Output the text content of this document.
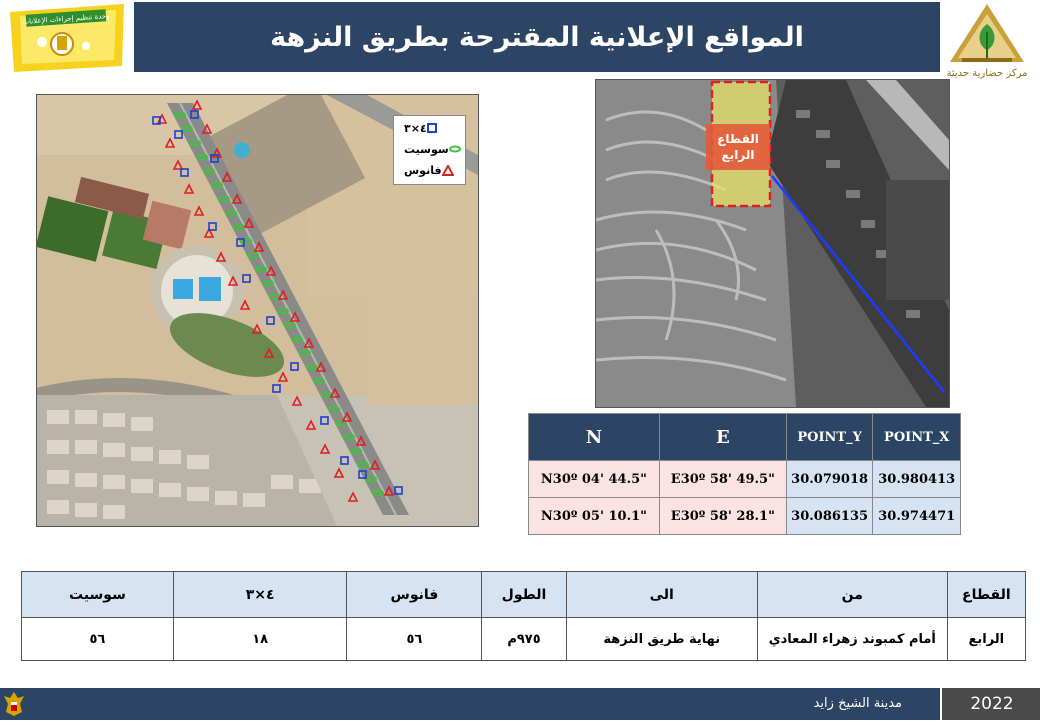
المواقع الإعلانية المقترحة بطريق النزهة
وحدة تنظيم إجراءات الإعلانات
مركز حضارية حديثة
٤×٣
سوسيت
فانوس
القطاع الرابع
N	E	POINT_Y	POINT_X
N30º 04' 44.5"	E30º 58' 49.5"	30.079018	30.980413
N30º 05' 10.1"	E30º 58' 28.1"	30.086135	30.974471
القطاع	من	الى	الطول	فانوس	٤×٣	سوسيت
الرابع	أمام كمبوند زهراء المعادي	نهاية طريق النزهة	٩٧٥م	٥٦	١٨	٥٦
مدينة الشيخ زايد	2022
